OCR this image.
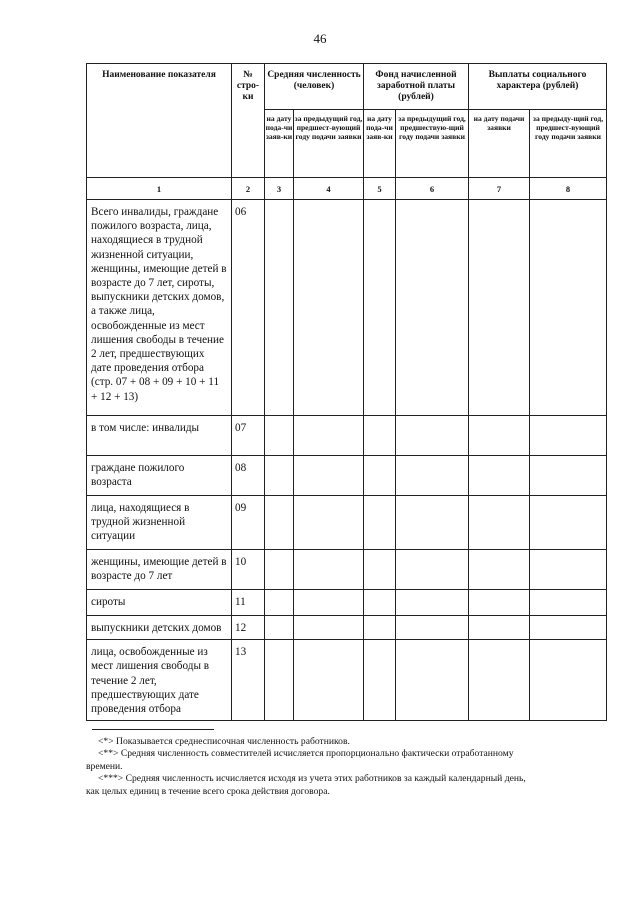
46
Наименование показателя	№ стро-ки	Средняя численность (человек)		Фонд начисленной заработной платы (рублей)		Выплаты социального характера (рублей)	
		на дату пода-чи заяв-ки	за предыдущий год, предшест-вующий году подачи заявки	на дату пода-чи заяв-ки	за предыдущий год, предшествую-щий году подачи заявки	на дату подачи заявки	за предыду-щий год, предшест-вующий году подачи заявки
1	2	3	4	5	6	7	8
Всего инвалиды, граждане пожилого возраста, лица, находящиеся в трудной жизненной ситуации, женщины, имеющие детей в возрасте до 7 лет, сироты, выпускники детских домов, а также лица, освобожденные из мест лишения свободы в течение 2 лет, предшествующих дате проведения отбора (стр. 07 + 08 + 09 + 10 + 11 + 12 + 13)	06						
в том числе: инвалиды	07						
граждане пожилого возраста	08						
лица, находящиеся в трудной жизненной ситуации	09						
женщины, имеющие детей в возрасте до 7 лет	10						
сироты	11						
выпускники детских домов	12						
лица, освобожденные из мест лишения свободы в течение 2 лет, предшествующих дате проведения отбора	13						
<*> Показывается среднесписочная численность работников.
<**> Средняя численность совместителей исчисляется пропорционально фактически отработанному времени.
<***> Средняя численность исчисляется исходя из учета этих работников за каждый календарный день, как целых единиц в течение всего срока действия договора.
